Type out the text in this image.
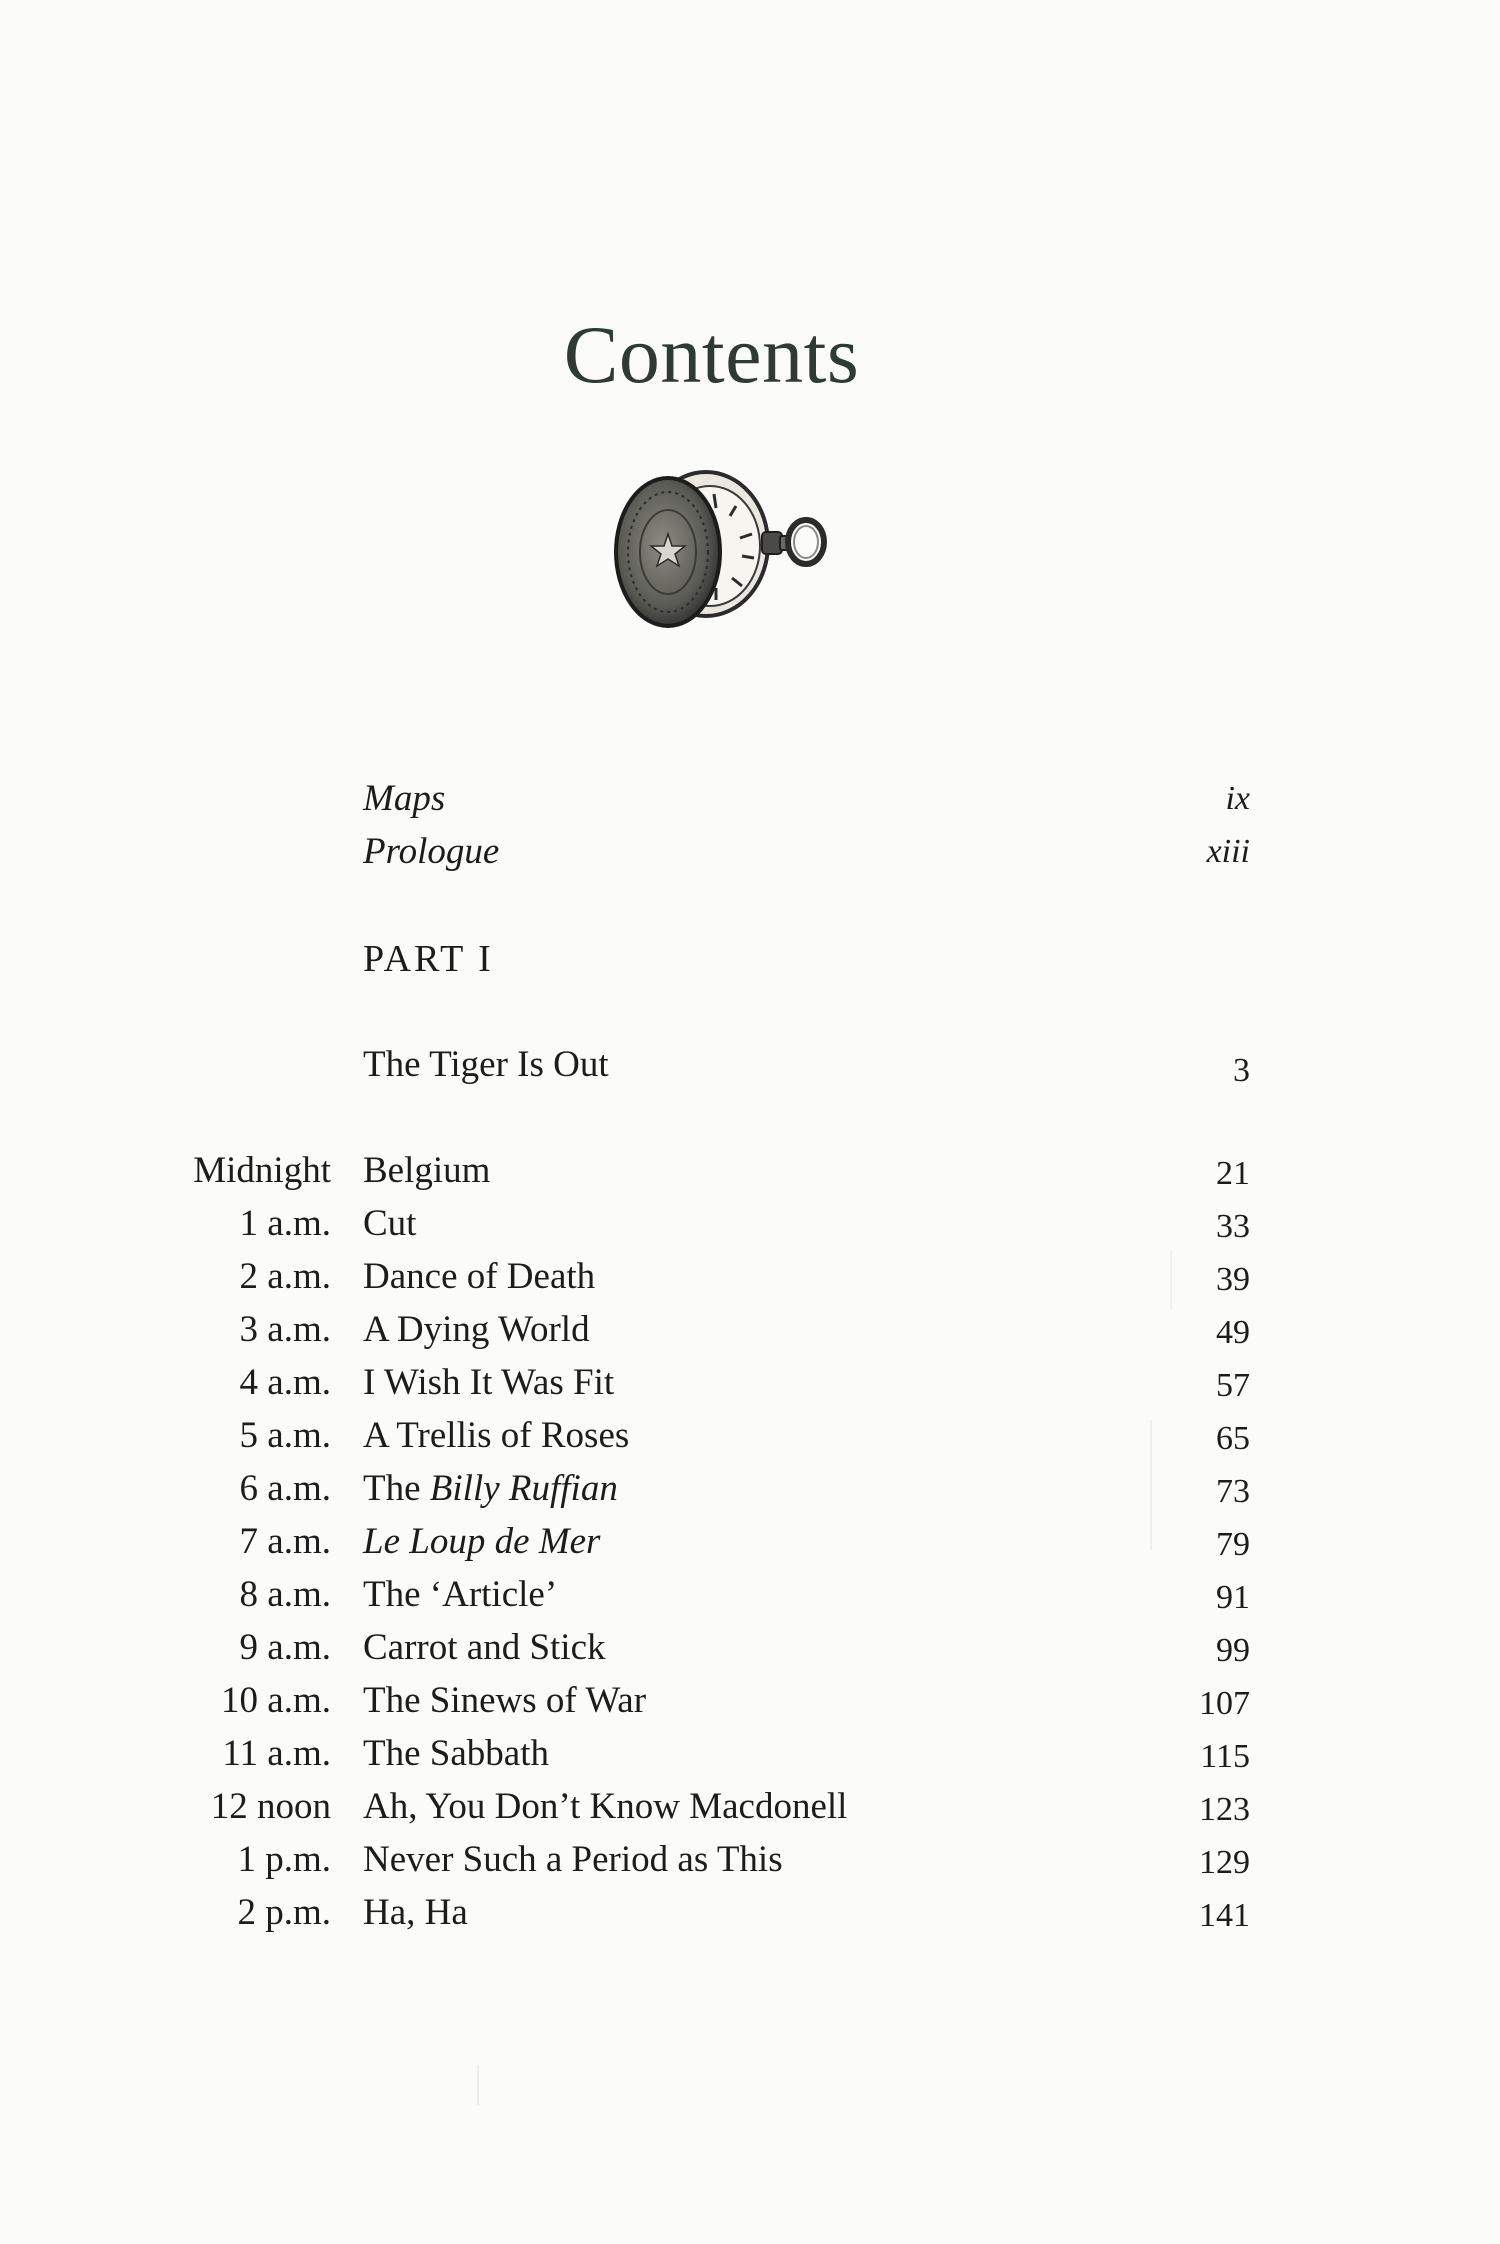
Contents
Maps	ix
Prologue	xiii
PART I
The Tiger Is Out	3
Midnight Belgium	21
1 a.m. Cut	33
2 a.m. Dance of Death	39
3 a.m. A Dying World	49
4 a.m. I Wish It Was Fit	57
5 a.m. A Trellis of Roses	65
6 a.m. The Billy Ruffian	73
7 a.m. Le Loup de Mer	79
8 a.m. The ‘Article’	91
9 a.m. Carrot and Stick	99
10 a.m. The Sinews of War	107
11 a.m. The Sabbath	115
12 noon Ah, You Don’t Know Macdonell	123
1 p.m. Never Such a Period as This	129
2 p.m. Ha, Ha	141
